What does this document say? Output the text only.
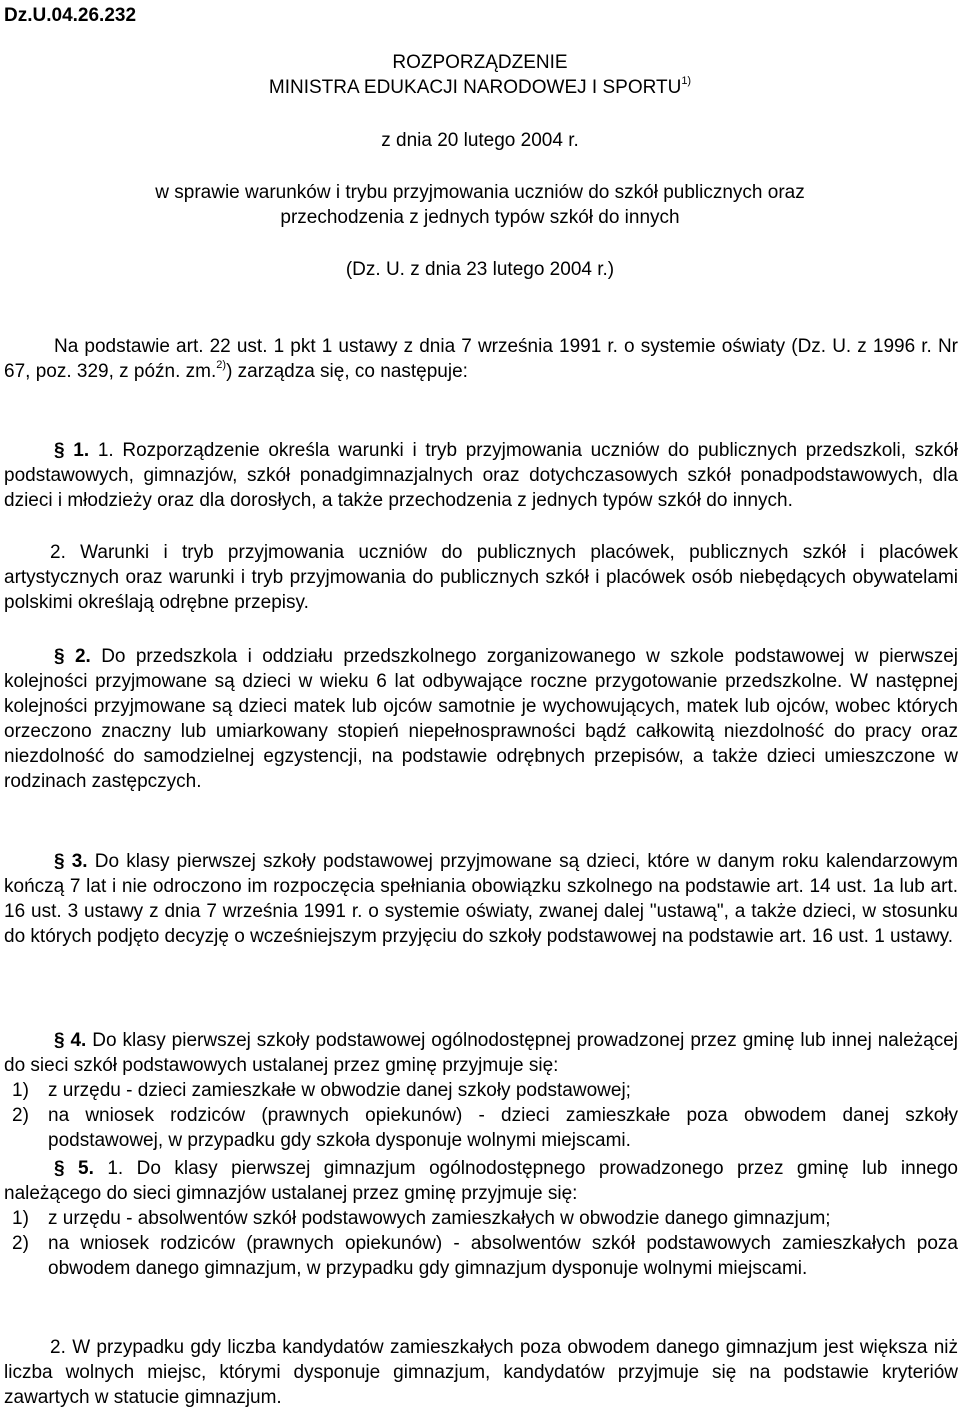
Dz.U.04.26.232
ROZPORZĄDZENIE
MINISTRA EDUKACJI NARODOWEJ I SPORTU$^{1)}$
z dnia 20 lutego 2004 r.
w sprawie warunków i trybu przyjmowania uczniów do szkół publicznych oraz
przechodzenia z jednych typów szkół do innych
(Dz. U. z dnia 23 lutego 2004 r.)

Na podstawie art. 22 ust. 1 pkt 1 ustawy z dnia 7 września 1991 r. o systemie oświaty (Dz. U. z 1996 r. Nr 67, poz. 329, z późn. zm.$^{2)}$) zarządza się, co następuje:

§ 1. 1. Rozporządzenie określa warunki i tryb przyjmowania uczniów do publicznych przedszkoli, szkół podstawowych, gimnazjów, szkół ponadgimnazjalnych oraz dotychczasowych szkół ponadpodstawowych, dla dzieci i młodzieży oraz dla dorosłych, a także przechodzenia z jednych typów szkół do innych.

2. Warunki i tryb przyjmowania uczniów do publicznych placówek, publicznych szkół i placówek artystycznych oraz warunki i tryb przyjmowania do publicznych szkół i placówek osób niebędących obywatelami polskimi określają odrębne przepisy.

§ 2. Do przedszkola i oddziału przedszkolnego zorganizowanego w szkole podstawowej w pierwszej kolejności przyjmowane są dzieci w wieku 6 lat odbywające roczne przygotowanie przedszkolne. W następnej kolejności przyjmowane są dzieci matek lub ojców samotnie je wychowujących, matek lub ojców, wobec których orzeczono znaczny lub umiarkowany stopień niepełnosprawności bądź całkowitą niezdolność do pracy oraz niezdolność do samodzielnej egzystencji, na podstawie odrębnych przepisów, a także dzieci umieszczone w rodzinach zastępczych.

§ 3. Do klasy pierwszej szkoły podstawowej przyjmowane są dzieci, które w danym roku kalendarzowym kończą 7 lat i nie odroczono im rozpoczęcia spełniania obowiązku szkolnego na podstawie art. 14 ust. 1a lub art. 16 ust. 3 ustawy z dnia 7 września 1991 r. o systemie oświaty, zwanej dalej "ustawą", a także dzieci, w stosunku do których podjęto decyzję o wcześniejszym przyjęciu do szkoły podstawowej na podstawie art. 16 ust. 1 ustawy.

§ 4. Do klasy pierwszej szkoły podstawowej ogólnodostępnej prowadzonej przez gminę lub innej należącej do sieci szkół podstawowych ustalanej przez gminę przyjmuje się:

1)	z urzędu - dzieci zamieszkałe w obwodzie danej szkoły podstawowej;
2)	na wniosek rodziców (prawnych opiekunów) - dzieci zamieszkałe poza obwodem danej szkoły podstawowej, w przypadku gdy szkoła dysponuje wolnymi miejscami.

§ 5. 1. Do klasy pierwszej gimnazjum ogólnodostępnego prowadzonego przez gminę lub innego należącego do sieci gimnazjów ustalanej przez gminę przyjmuje się:

1)	z urzędu - absolwentów szkół podstawowych zamieszkałych w obwodzie danego gimnazjum;
2)	na wniosek rodziców (prawnych opiekunów) - absolwentów szkół podstawowych zamieszkałych poza obwodem danego gimnazjum, w przypadku gdy gimnazjum dysponuje wolnymi miejscami.

2. W przypadku gdy liczba kandydatów zamieszkałych poza obwodem danego gimnazjum jest większa niż liczba wolnych miejsc, którymi dysponuje gimnazjum, kandydatów przyjmuje się na podstawie kryteriów zawartych w statucie gimnazjum.
